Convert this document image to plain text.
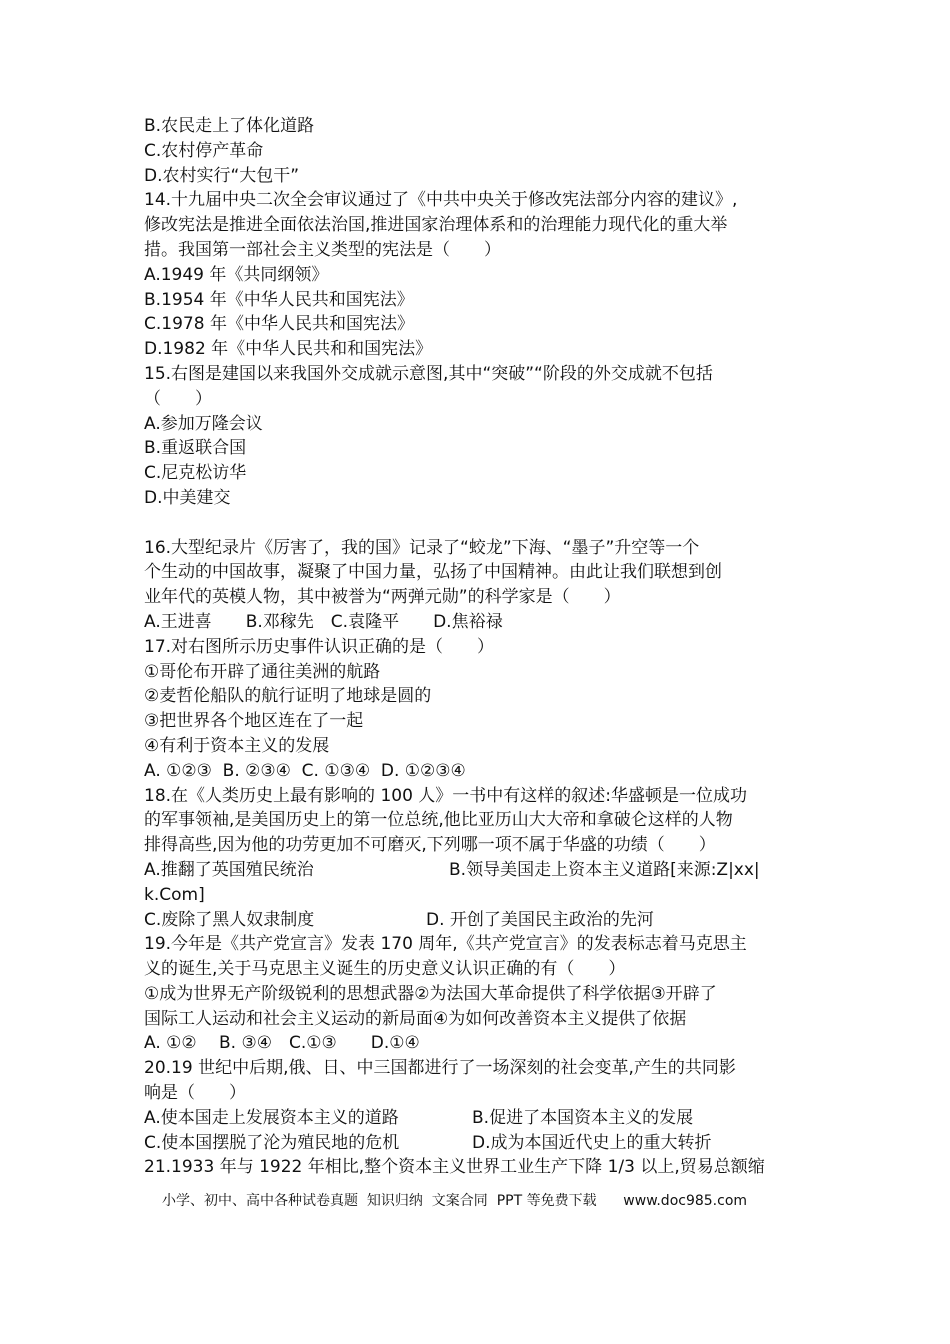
B.农民走上了体化道路
C.农村停产革命
D.农村实行“大包干”
14.十九届中央二次全会审议通过了《中共中央关于修改宪法部分内容的建议》,
修改宪法是推进全面依法治国,推进国家治理体系和的治理能力现代化的重大举
措。我国第一部社会主义类型的宪法是（　　）
A.1949 年《共同纲领》
B.1954 年《中华人民共和国宪法》
C.1978 年《中华人民共和国宪法》
D.1982 年《中华人民共和和国宪法》
15.右图是建国以来我国外交成就示意图,其中“突破”“阶段的外交成就不包括
（　　）
A.参加万隆会议
B.重返联合国
C.尼克松访华
D.中美建交
16.大型纪录片《厉害了，我的国》记录了“蛟龙”下海、“墨子”升空等一个
个生动的中国故事，凝聚了中国力量，弘扬了中国精神。由此让我们联想到创
业年代的英模人物，其中被誉为“两弹元勋”的科学家是（　　）
A.王进喜　　B.邓稼先　C.袁隆平　　D.焦裕禄
17.对右图所示历史事件认识正确的是（　　）
①哥伦布开辟了通往美洲的航路
②麦哲伦船队的航行证明了地球是圆的
③把世界各个地区连在了一起
④有利于资本主义的发展
A. ①②③  B. ②③④  C. ①③④  D. ①②③④
18.在《人类历史上最有影响的 100 人》一书中有这样的叙述:华盛顿是一位成功
的军事领袖,是美国历史上的第一位总统,他比亚历山大大帝和拿破仑这样的人物
排得高些,因为他的功劳更加不可磨灭,下列哪一项不属于华盛的功绩（　　）
A.推翻了英国殖民统治	B.领导美国走上资本主义道路[来源:Z|xx|
k.Com]
C.废除了黑人奴隶制度	D. 开创了美国民主政治的先河
19.今年是《共产党宣言》发表 170 周年,《共产党宣言》的发表标志着马克思主
义的诞生,关于马克思主义诞生的历史意义认识正确的有（　　）
①成为世界无产阶级锐利的思想武器②为法国大革命提供了科学依据③开辟了
国际工人运动和社会主义运动的新局面④为如何改善资本主义提供了依据
A. ①②　 B. ③④　C.①③　　D.①④
20.19 世纪中后期,俄、日、中三国都进行了一场深刻的社会变革,产生的共同影
响是（　　）
A.使本国走上发展资本主义的道路	B.促进了本国资本主义的发展
C.使本国摆脱了沦为殖民地的危机	D.成为本国近代史上的重大转折
21.1933 年与 1922 年相比,整个资本主义世界工业生产下降 1/3 以上,贸易总额缩
小学、初中、高中各种试卷真题  知识归纳  文案合同  PPT 等免费下载      www.doc985.com
